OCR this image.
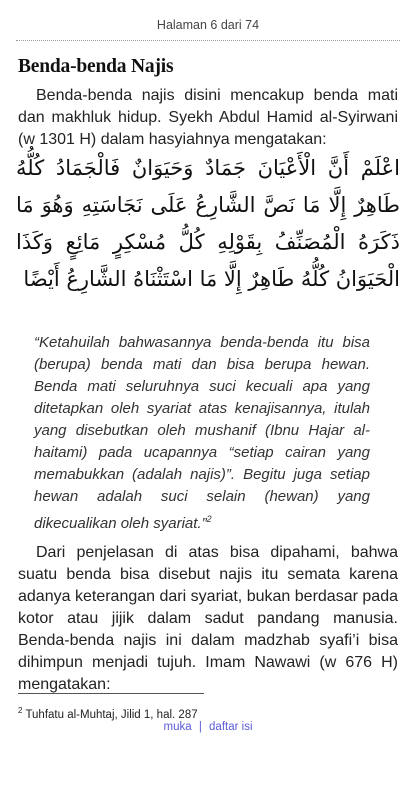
Halaman 6 dari 74
Benda-benda Najis

Benda-benda najis disini mencakup benda mati dan makhluk hidup. Syekh Abdul Hamid al-Syirwani (w 1301 H) dalam hasyiahnya mengatakan:

اعْلَمْ أَنَّ الْأَعْيَانَ جَمَادٌ وَحَيَوَانٌ فَالْجَمَادُ كُلُّهُ طَاهِرٌ إِلَّا مَا نَصَّ الشَّارِعُ عَلَى نَجَاسَتِهِ وَهُوَ مَا ذَكَرَهُ الْمُصَنِّفُ بِقَوْلِهِ كُلُّ مُسْكِرٍ مَائِعٍ وَكَذَا الْحَيَوَانُ كُلُّهُ طَاهِرٌ إِلَّا مَا اسْتَثْنَاهُ الشَّارِعُ أَيْضًا

“Ketahuilah bahwasannya benda-benda itu bisa (berupa) benda mati dan bisa berupa hewan. Benda mati seluruhnya suci kecuali apa yang ditetapkan oleh syariat atas kenajisannya, itulah yang disebutkan oleh mushanif (Ibnu Hajar al-haitami) pada ucapannya “setiap cairan yang memabukkan (adalah najis)”. Begitu juga setiap hewan adalah suci selain (hewan) yang dikecualikan oleh syariat.”$^2$

Dari penjelasan di atas bisa dipahami, bahwa suatu benda bisa disebut najis itu semata karena adanya keterangan dari syariat, bukan berdasar pada kotor atau jijik dalam sadut pandang manusia. Benda-benda najis ini dalam madzhab syafi’i bisa dihimpun menjadi tujuh. Imam Nawawi (w 676 H) mengatakan:

$^2$ Tuhfatu al-Muhtaj, Jilid 1, hal. 287

muka | daftar isi
